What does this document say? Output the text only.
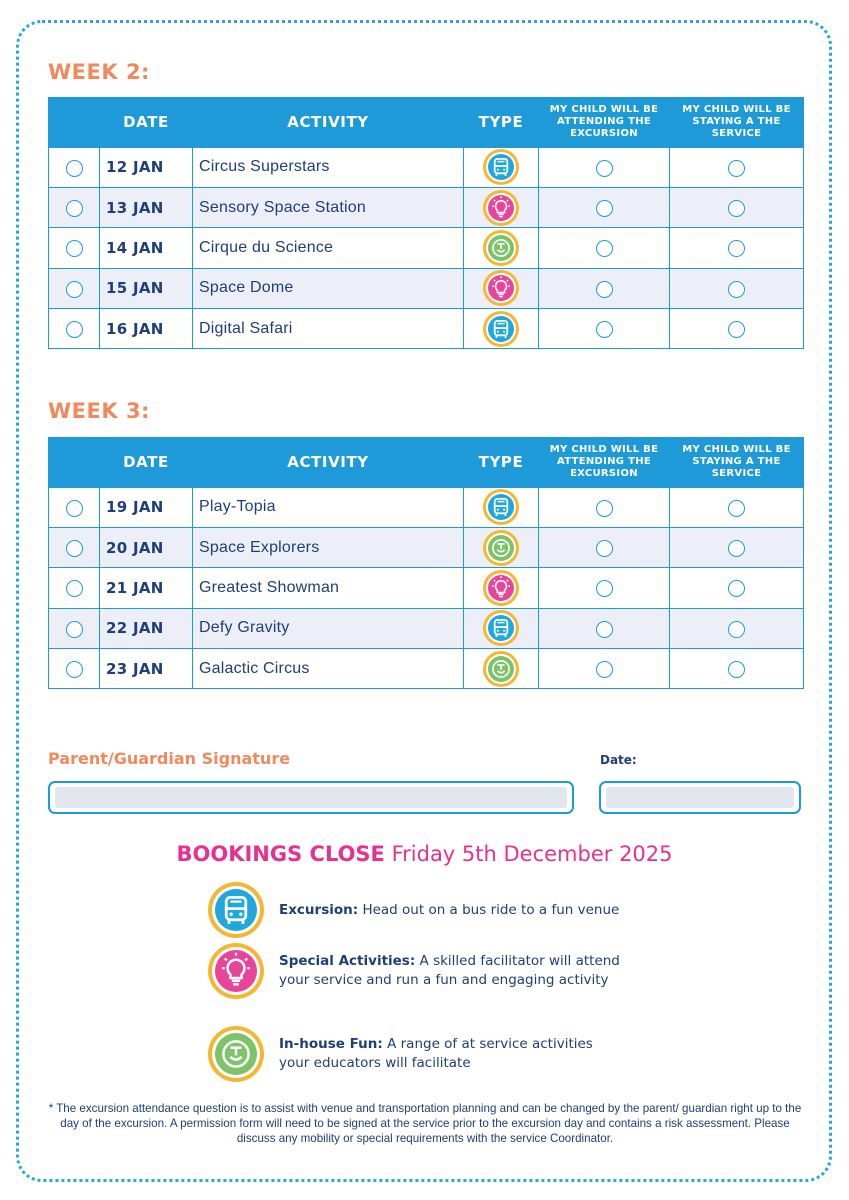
WEEK 2:
	DATE	ACTIVITY	TYPE	MY CHILD WILL BE ATTENDING THE EXCURSION	MY CHILD WILL BE STAYING A THE SERVICE
	12 JAN	Circus Superstars	

	13 JAN	Sensory Space Station	

	14 JAN	Cirque du Science	

	15 JAN	Space Dome	

	16 JAN	Digital Safari	

WEEK 3:
	DATE	ACTIVITY	TYPE	MY CHILD WILL BE ATTENDING THE EXCURSION	MY CHILD WILL BE STAYING A THE SERVICE
	19 JAN	Play-Topia	

	20 JAN	Space Explorers	

	21 JAN	Greatest Showman	

	22 JAN	Defy Gravity	

	23 JAN	Galactic Circus	

Parent/Guardian Signature	Date:
BOOKINGS CLOSE Friday 5th December 2025
Excursion: Head out on a bus ride to a fun venue
Special Activities: A skilled facilitator will attend
your service and run a fun and engaging activity
In-house Fun: A range of at service activities
your educators will facilitate
* The excursion attendance question is to assist with venue and transportation planning and can be changed by the parent/ guardian right up to the day of the excursion. A permission form will need to be signed at the service prior to the excursion day and contains a risk assessment. Please discuss any mobility or special requirements with the service Coordinator.
